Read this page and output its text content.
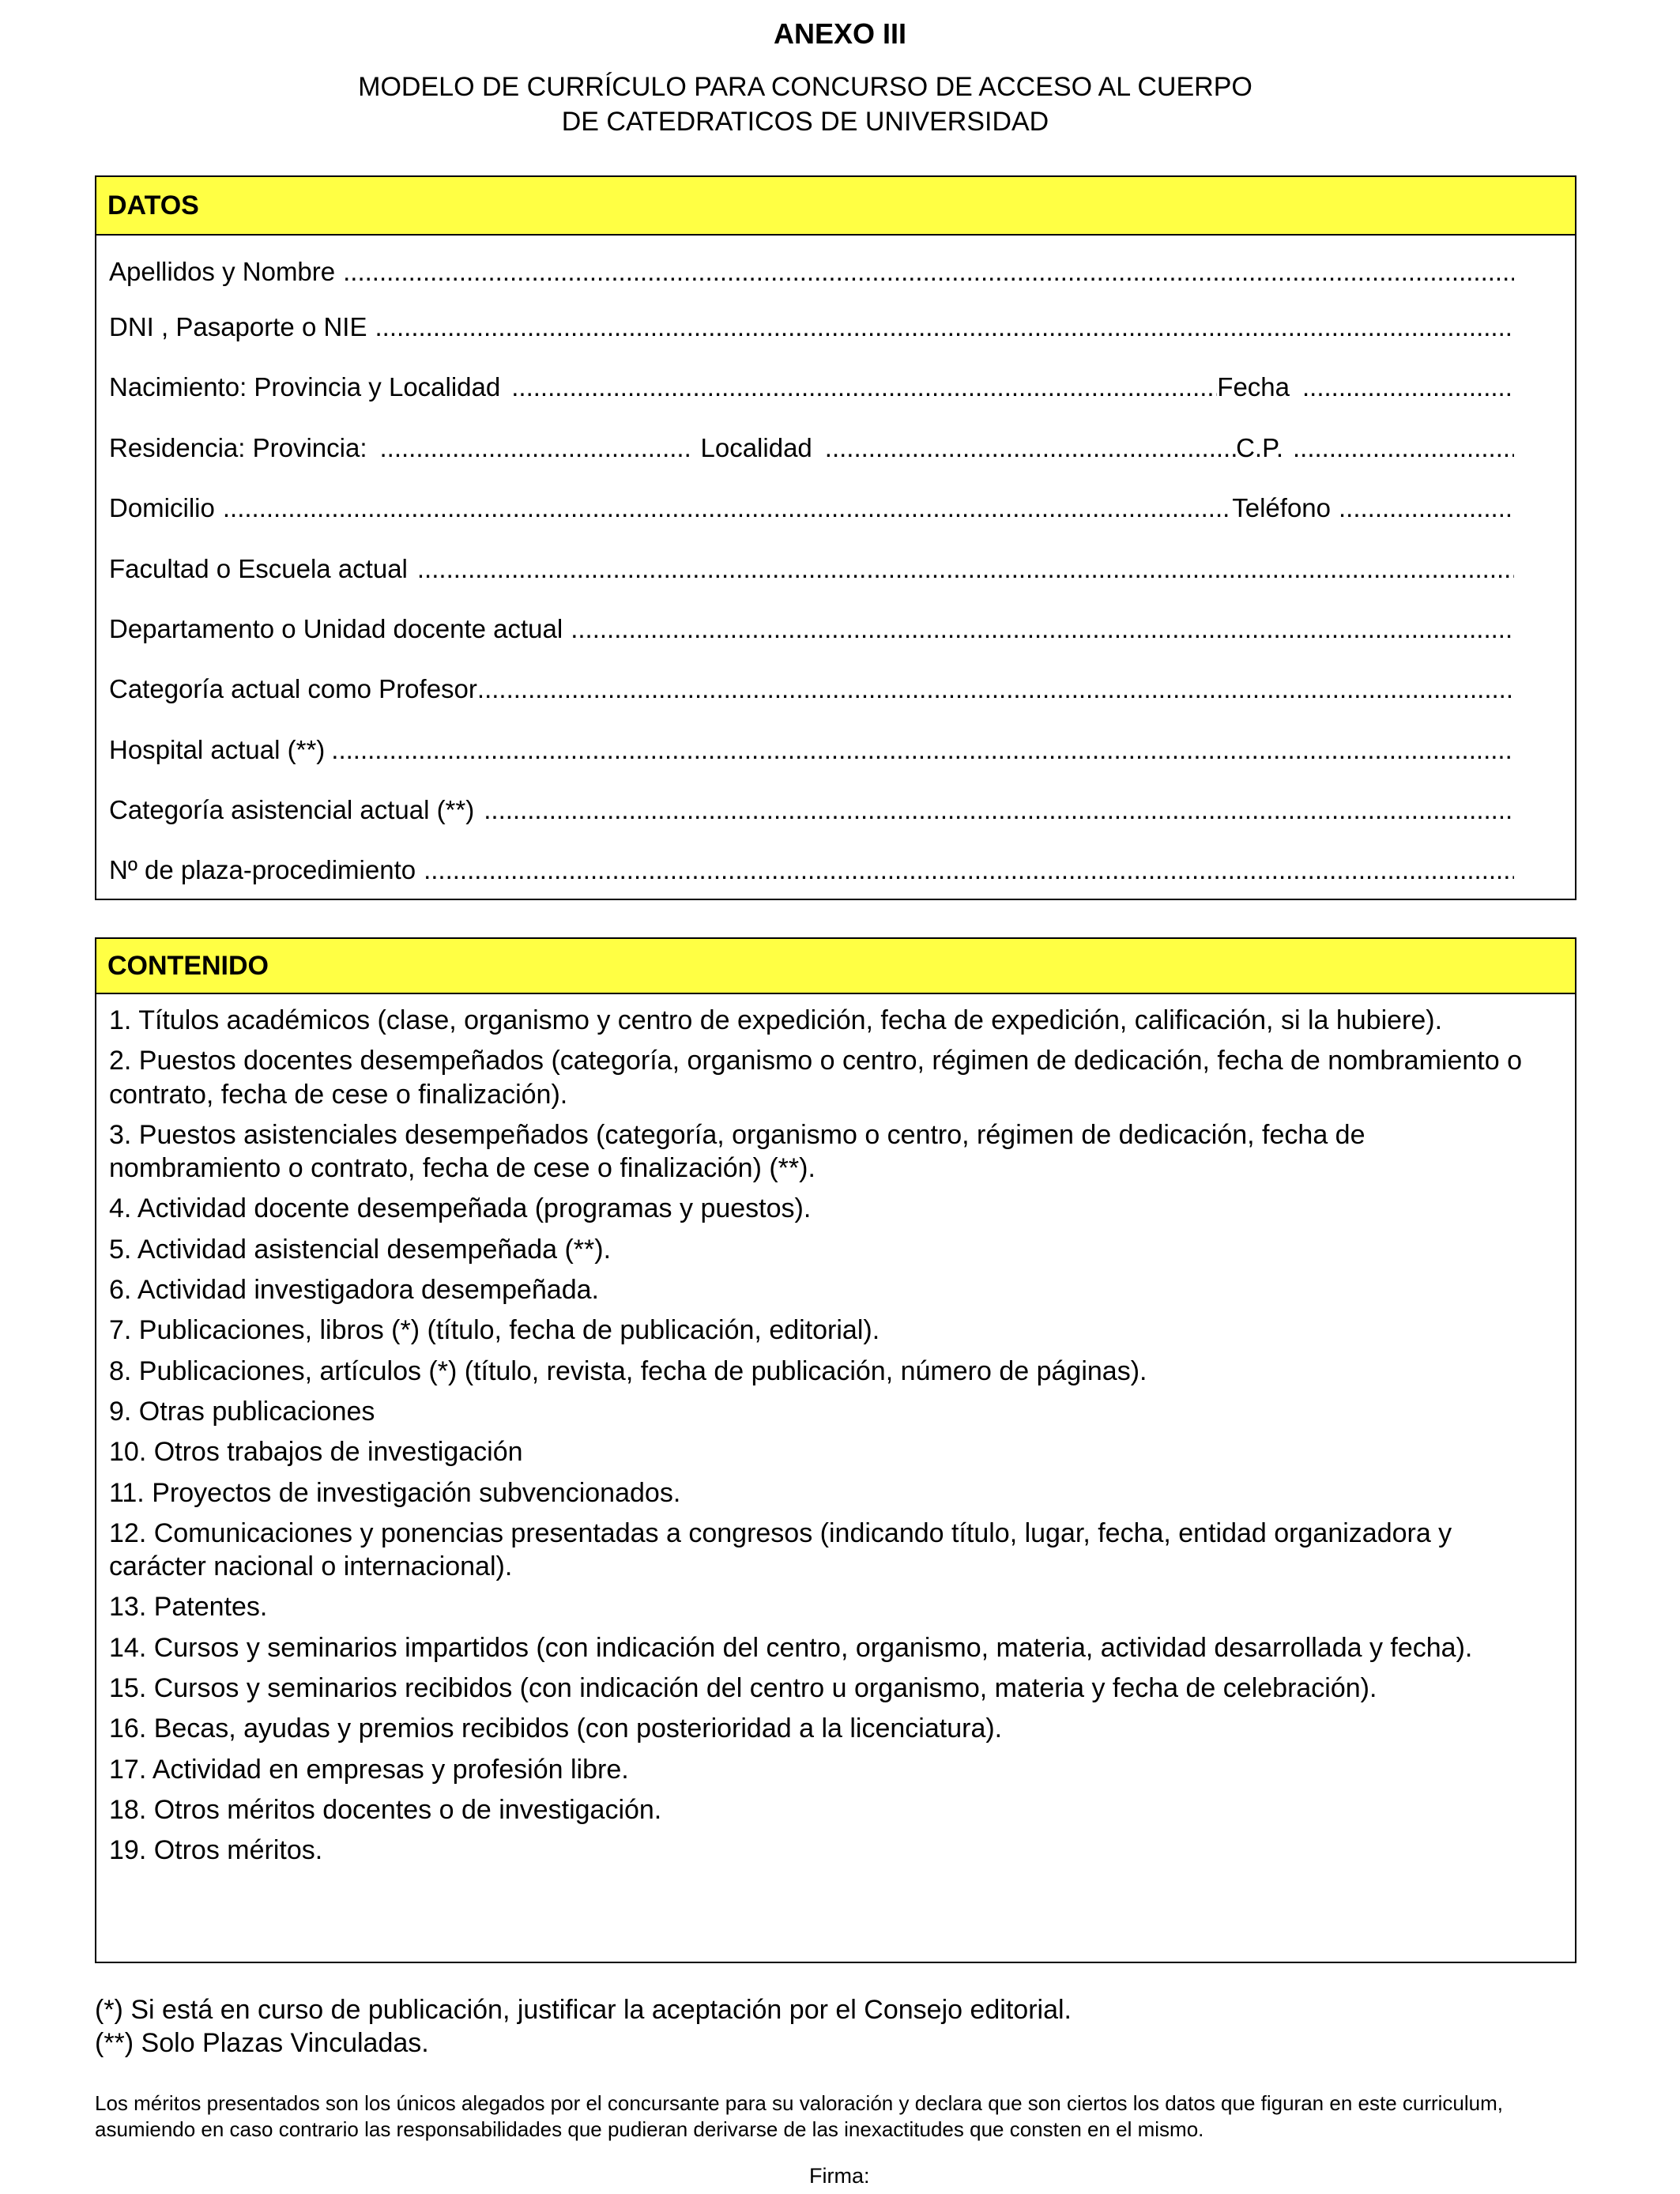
ANEXO III
MODELO DE CURRÍCULO PARA CONCURSO DE ACCESO AL CUERPO
DE CATEDRATICOS DE UNIVERSIDAD
DATOS
Apellidos y Nombre
.....
DNI , Pasaporte o NIE
.....
Nacimiento: Provincia y Localidad .....	Fecha
.....
Residencia: Provincia: .....	Localidad .....	C.P.
.....
Domicilio .....	Teléfono
.....
Facultad o Escuela actual
.....
Departamento o Unidad docente actual
.....
Categoría actual como Profesor
.....
Hospital actual (**)
.....
Categoría asistencial actual (**)
.....
Nº de plaza-procedimiento
.....
CONTENIDO
1. Títulos académicos (clase, organismo y centro de expedición, fecha de expedición, calificación, si la hubiere).
2. Puestos docentes desempeñados (categoría, organismo o centro, régimen de dedicación, fecha de nombramiento o contrato, fecha de cese o finalización).
3. Puestos asistenciales desempeñados (categoría, organismo o centro, régimen de dedicación, fecha de nombramiento o contrato, fecha de cese o finalización) (**).
4. Actividad docente desempeñada (programas y puestos).
5. Actividad asistencial desempeñada (**).
6. Actividad investigadora desempeñada.
7. Publicaciones, libros (*) (título, fecha de publicación, editorial).
8. Publicaciones, artículos (*) (título, revista, fecha de publicación, número de páginas).
9. Otras publicaciones
10. Otros trabajos de investigación
11. Proyectos de investigación subvencionados.
12. Comunicaciones y ponencias presentadas a congresos (indicando título, lugar, fecha, entidad organizadora y carácter nacional o internacional).
13. Patentes.
14. Cursos y seminarios impartidos (con indicación del centro, organismo, materia, actividad desarrollada y fecha).
15. Cursos y seminarios recibidos (con indicación del centro u organismo, materia y fecha de celebración).
16. Becas, ayudas y premios recibidos (con posterioridad a la licenciatura).
17. Actividad en empresas y profesión libre.
18. Otros méritos docentes o de investigación.
19. Otros méritos.
(*) Si está en curso de publicación, justificar la aceptación por el Consejo editorial.
(**) Solo Plazas Vinculadas.
Los méritos presentados son los únicos alegados por el concursante para su valoración y declara que son ciertos los datos que figuran en este curriculum, asumiendo en caso contrario las responsabilidades que pudieran derivarse de las inexactitudes que consten en el mismo.
Firma:
